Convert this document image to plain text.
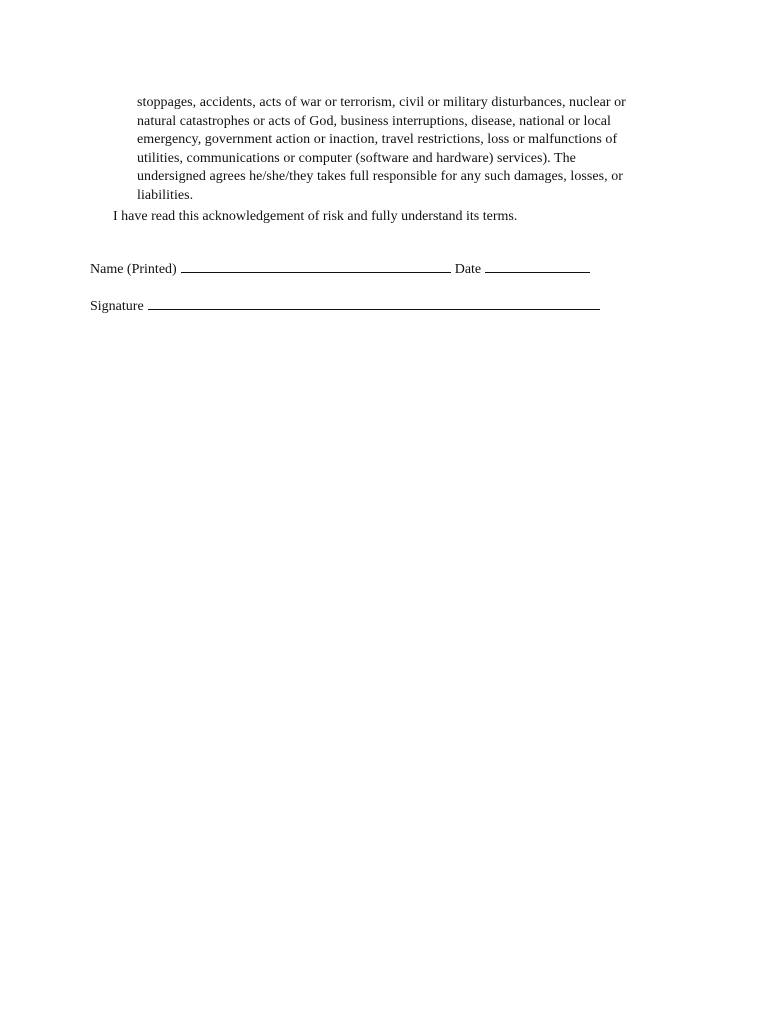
stoppages, accidents, acts of war or terrorism, civil or military disturbances, nuclear or
natural catastrophes or acts of God, business interruptions, disease, national or local
emergency, government action or inaction, travel restrictions, loss or malfunctions of
utilities, communications or computer (software and hardware) services). The
undersigned agrees he/she/they takes full responsible for any such damages, losses, or
liabilities.
I have read this acknowledgement of risk and fully understand its terms.
Name (Printed)	Date
Signature
